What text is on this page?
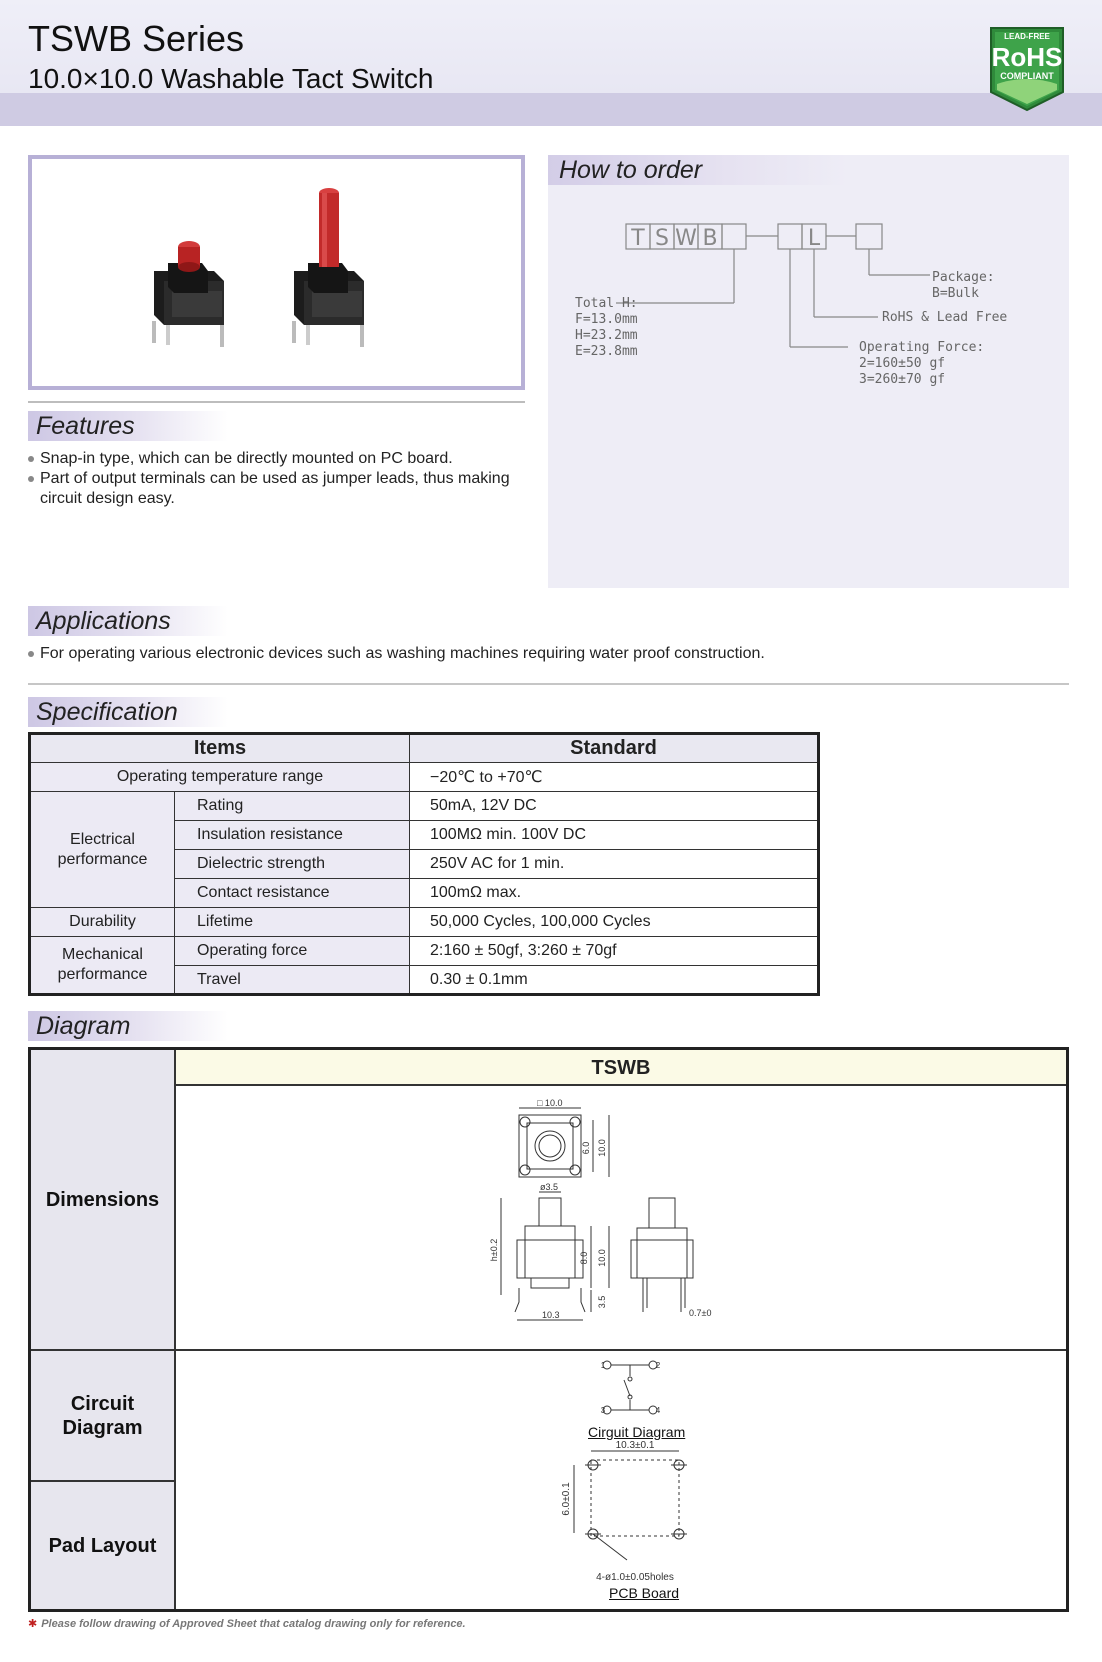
TSWB Series
10.0×10.0 Washable Tact Switch
LEAD-FREE
RoHS
COMPLIANT
Features
Snap-in type, which can be directly mounted on PC board.
Part of output terminals can be used as jumper leads, thus making circuit design easy.
How to order
T S W B	L
Total H:
F=13.0mm
H=23.2mm
E=23.8mm
Package:
B=Bulk
RoHS & Lead Free
Operating Force:
2=160±50 gf
3=260±70 gf
Applications
For operating various electronic devices such as washing machines requiring water proof construction.
Specification
Items		Standard
Operating temperature range		−20℃ to +70℃
Electrical performance	Rating	50mA, 12V DC
	Insulation resistance	100MΩ min. 100V DC
	Dielectric strength	250V AC for 1 min.
	Contact resistance	100mΩ max.
Durability	Lifetime	50,000 Cycles, 100,000 Cycles
Mechanical performance	Operating force	2:160 ± 50gf, 3:260 ± 70gf
	Travel	0.30 ± 0.1mm
Diagram
Dimensions
Circuit Diagram
Pad Layout
TSWB
□ 10.0
6.0 10.0
ø3.5
h±0.2	8.0 10.0
3.5
10.3	0.7±0
1	2
3	4
10.3±0.1
6.0±0.1
4-ø1.0±0.05holes
Cirguit Diagram
PCB Board
✱ Please follow drawing of Approved Sheet that catalog drawing only for reference.
